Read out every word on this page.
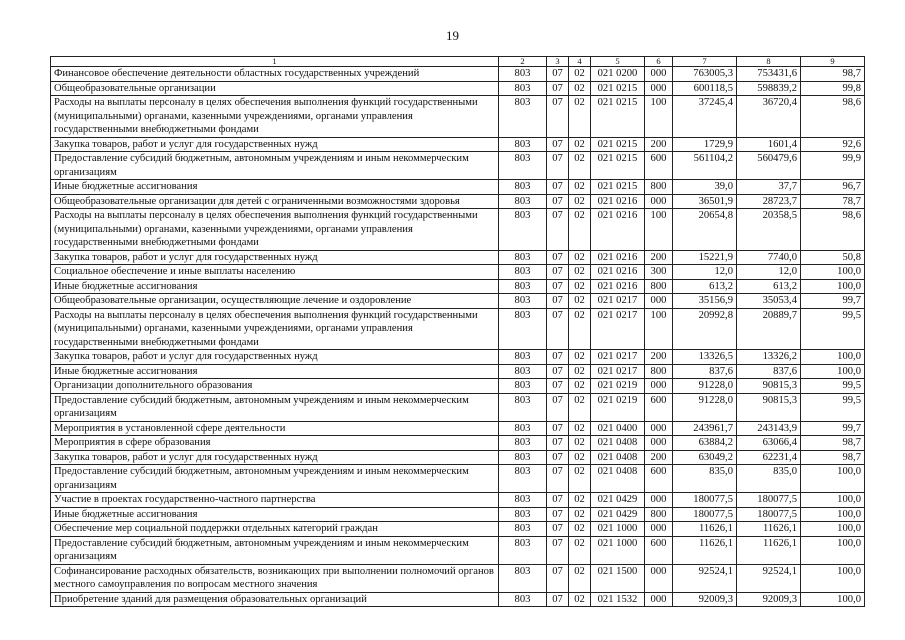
19
1	2	3	4	5	6	7	8	9
Финансовое обеспечение деятельности областных государственных учреждений	803	07	02	021 0200	000	763005,3	753431,6	98,7
Общеобразовательные организации	803	07	02	021 0215	000	600118,5	598839,2	99,8
Расходы на выплаты персоналу в целях обеспечения выполнения функций государственными (муниципальными) органами, казенными учреждениями, органами управления государственными внебюджетными фондами	803	07	02	021 0215	100	37245,4	36720,4	98,6
Закупка товаров, работ и услуг для государственных нужд	803	07	02	021 0215	200	1729,9	1601,4	92,6
Предоставление субсидий бюджетным, автономным учреждениям и иным некоммерческим организациям	803	07	02	021 0215	600	561104,2	560479,6	99,9
Иные бюджетные ассигнования	803	07	02	021 0215	800	39,0	37,7	96,7
Общеобразовательные организации для детей с ограниченными возможностями здоровья	803	07	02	021 0216	000	36501,9	28723,7	78,7
Расходы на выплаты персоналу в целях обеспечения выполнения функций государственными (муниципальными) органами, казенными учреждениями, органами управления государственными внебюджетными фондами	803	07	02	021 0216	100	20654,8	20358,5	98,6
Закупка товаров, работ и услуг для государственных нужд	803	07	02	021 0216	200	15221,9	7740,0	50,8
Социальное обеспечение и иные выплаты населению	803	07	02	021 0216	300	12,0	12,0	100,0
Иные бюджетные ассигнования	803	07	02	021 0216	800	613,2	613,2	100,0
Общеобразовательные организации, осуществляющие лечение и оздоровление	803	07	02	021 0217	000	35156,9	35053,4	99,7
Расходы на выплаты персоналу в целях обеспечения выполнения функций государственными (муниципальными) органами, казенными учреждениями, органами управления государственными внебюджетными фондами	803	07	02	021 0217	100	20992,8	20889,7	99,5
Закупка товаров, работ и услуг для государственных нужд	803	07	02	021 0217	200	13326,5	13326,2	100,0
Иные бюджетные ассигнования	803	07	02	021 0217	800	837,6	837,6	100,0
Организации дополнительного образования	803	07	02	021 0219	000	91228,0	90815,3	99,5
Предоставление субсидий бюджетным, автономным учреждениям и иным некоммерческим организациям	803	07	02	021 0219	600	91228,0	90815,3	99,5
Мероприятия в установленной сфере деятельности	803	07	02	021 0400	000	243961,7	243143,9	99,7
Мероприятия в сфере образования	803	07	02	021 0408	000	63884,2	63066,4	98,7
Закупка товаров, работ и услуг для государственных нужд	803	07	02	021 0408	200	63049,2	62231,4	98,7
Предоставление субсидий бюджетным, автономным учреждениям и иным некоммерческим организациям	803	07	02	021 0408	600	835,0	835,0	100,0
Участие в проектах государственно-частного партнерства	803	07	02	021 0429	000	180077,5	180077,5	100,0
Иные бюджетные ассигнования	803	07	02	021 0429	800	180077,5	180077,5	100,0
Обеспечение мер социальной поддержки отдельных категорий граждан	803	07	02	021 1000	000	11626,1	11626,1	100,0
Предоставление субсидий бюджетным, автономным учреждениям и иным некоммерческим организациям	803	07	02	021 1000	600	11626,1	11626,1	100,0
Софинансирование расходных обязательств, возникающих при выполнении полномочий органов местного самоуправления по вопросам местного значения	803	07	02	021 1500	000	92524,1	92524,1	100,0
Приобретение зданий для размещения образовательных организаций	803	07	02	021 1532	000	92009,3	92009,3	100,0
